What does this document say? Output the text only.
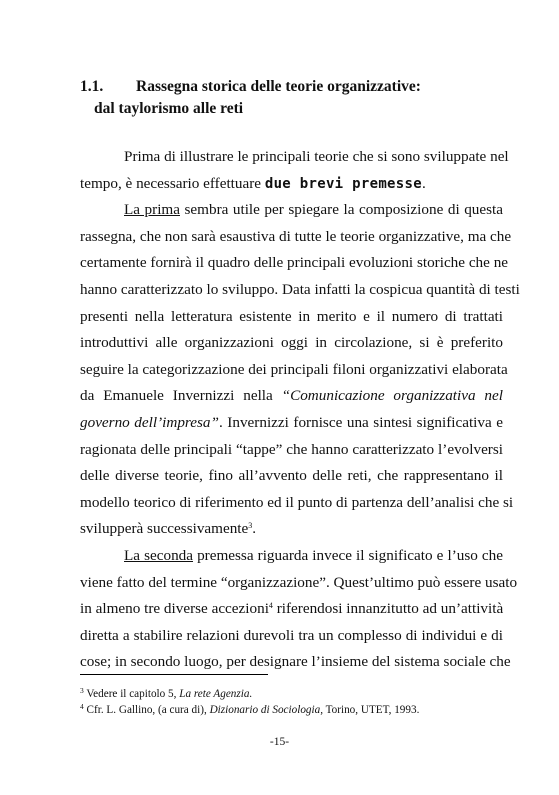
1.1. Rassegna storica delle teorie organizzative:
dal taylorismo alle reti
Prima di illustrare le principali teorie che si sono sviluppate nel
tempo, è necessario effettuare due brevi premesse.
La prima sembra utile per spiegare la composizione di questa
rassegna, che non sarà esaustiva di tutte le teorie organizzative, ma che
certamente fornirà il quadro delle principali evoluzioni storiche che ne
hanno caratterizzato lo sviluppo. Data infatti la cospicua quantità di testi
presenti nella letteratura esistente in merito e il numero di trattati
introduttivi alle organizzazioni oggi in circolazione, si è preferito
seguire la categorizzazione dei principali filoni organizzativi elaborata
da Emanuele Invernizzi nella “Comunicazione organizzativa nel
governo dell’impresa”. Invernizzi fornisce una sintesi significativa e
ragionata delle principali “tappe” che hanno caratterizzato l’evolversi
delle diverse teorie, fino all’avvento delle reti, che rappresentano il
modello teorico di riferimento ed il punto di partenza dell’analisi che si
svilupperà successivamente$^3$.
La seconda premessa riguarda invece il significato e l’uso che
viene fatto del termine “organizzazione”. Quest’ultimo può essere usato
in almeno tre diverse accezioni$^4$ riferendosi innanzitutto ad un’attività
diretta a stabilire relazioni durevoli tra un complesso di individui e di
cose; in secondo luogo, per designare l’insieme del sistema sociale che
$^3$ Vedere il capitolo 5, La rete Agenzia.
$^4$ Cfr. L. Gallino, (a cura di), Dizionario di Sociologia, Torino, UTET, 1993.
-15-
